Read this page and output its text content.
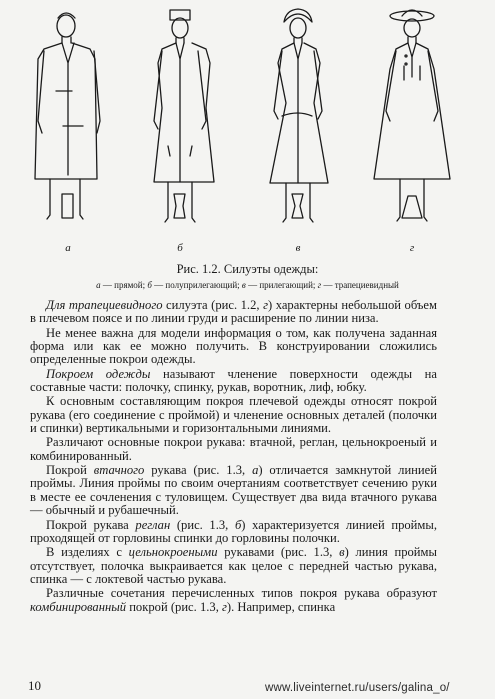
а	б	в	г
Рис. 1.2. Силуэты одежды:
а — прямой; б — полуприлегающий; в — прилегающий; г — трапециевидный

Для трапециевидного силуэта (рис. 1.2, г) характерны небольшой объем в плечевом поясе и по линии груди и расширение по линии низа.

Не менее важна для модели информация о том, как получена заданная форма или как ее можно получить. В конструировании сложились определенные покрои одежды.

Покроем одежды называют членение поверхности одежды на составные части: полочку, спинку, рукав, воротник, лиф, юбку.

К основным составляющим покроя плечевой одежды относят покрой рукава (его соединение с проймой) и членение основных деталей (полочки и спинки) вертикальными и горизонтальными линиями.

Различают основные покрои рукава: втачной, реглан, цельнокроеный и комбинированный.

Покрой втачного рукава (рис. 1.3, а) отличается замкнутой линией проймы. Линия проймы по своим очертаниям соответствует сечению руки в месте ее сочленения с туловищем. Существует два вида втачного рукава — обычный и рубашечный.

Покрой рукава реглан (рис. 1.3, б) характеризуется линией проймы, проходящей от горловины спинки до горловины полочки.

В изделиях с цельнокроеными рукавами (рис. 1.3, в) линия проймы отсутствует, полочка выкраивается как целое с передней частью рукава, спинка — с локтевой частью рукава.

Различные сочетания перечисленных типов покроя рукава образуют комбинированный покрой (рис. 1.3, г). Например, спинка

10	www.liveinternet.ru/users/galina_o/
